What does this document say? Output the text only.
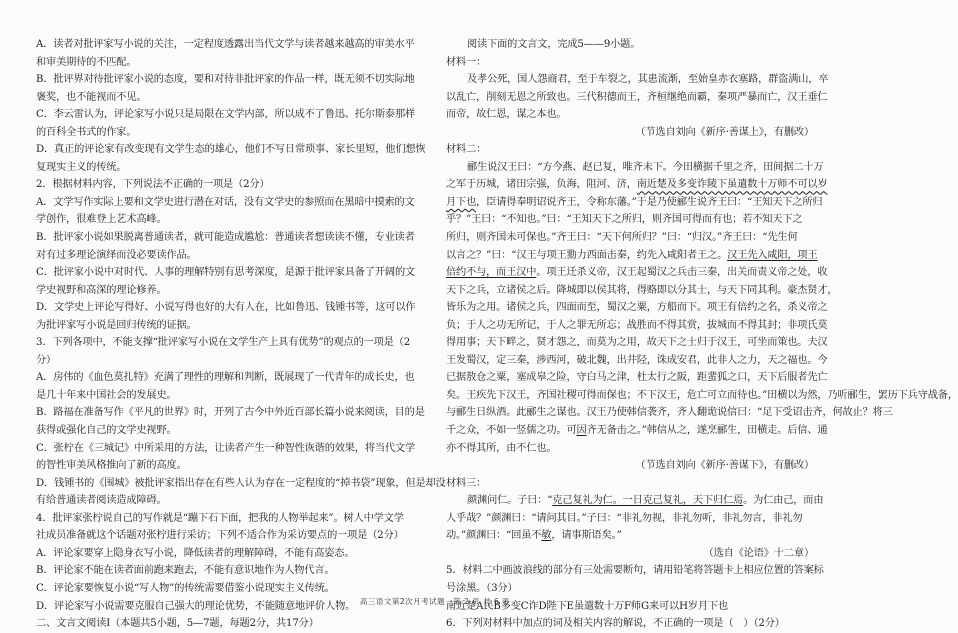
A．读者对批评家写小说的关注，一定程度透露出当代文学与读者越来越高的审美水平

和审美期待的不匹配。

B．批评界对待批评家小说的态度，要和对待非批评家的作品一样，既无须不切实际地

褒奖，也不能视而不见。

C．李云雷认为，评论家写小说只是局限在文学内部，所以成不了鲁迅、托尔斯泰那样

的百科全书式的作家。

D．真正的评论家有改变现有文学生态的雄心，他们不写日常琐事、家长里短，他们想恢

复现实主义的传统。

2．根据材料内容，下列说法不正确的一项是（2分）

A．文学写作实际上要和文学史进行潜在对话，没有文学史的参照而在黑暗中摸索的文

学创作，很难登上艺术高峰。

B．批评家小说如果脱离普通读者，就可能造成尴尬：普通读者想读读不懂，专业读者

对有过多理论演绎而没必要读作品。

C．批评家小说中对时代、人事的理解特别有思考深度，是源于批评家具备了开阔的文

学史视野和高深的理论修养。

D．文学史上评论写得好、小说写得也好的大有人在，比如鲁迅、钱锺书等，这可以作

为批评家写小说是回归传统的证据。

3．下列各项中，不能支撑“批评家写小说在文学生产上具有优势”的观点的一项是（2

分）

A．房伟的《血色莫扎特》充满了理性的理解和判断，既展现了一代青年的成长史，也

是几十年来中国社会的发展史。

B．路福在准备写作《平凡的世界》时，开列了古今中外近百部长篇小说来阅读，目的是

获得或强化自己的文学史视野。

C．张柠在《三城记》中所采用的方法，让读者产生一种智性诙谐的效果，将当代文学

的智性审美风格推向了新的高度。

D．钱锺书的《围城》被批评家指出存在有些人认为存在一定程度的“掉书袋”现象，但是却没

有给普通读者阅读造成障碍。

4．批评家张柠说自己的写作就是“蹦下石下面，把我的人物举起来”。树人中学文学

社成员准备就这个话题对张柠进行采访；下列不适合作为采访要点的一项是（2分）

A．评论家要穿上隐身衣写小说，降低读者的理解障碍，不能有高姿态。

B．评论家不能在读者面前跑来跑去，不能有意识地作为人物代言。

C．评论家要恢复小说“写人物”的传统需要借鉴小说现实主义传统。

D．评论家写小说需要克服自己强大的理论优势，不能随意地评价人物。

二、文言文阅读Ⅰ（本题共5小题，5—7题，每题2分，共17分）

阅读下面的文言文，完成5——9小题。

材料一：

及孝公死，国人怨商君，至于车裂之，其患流渐，至始皇赤衣塞路，群盗满山，卒

以乱亡，削刻无恩之所致也。三代积德而王，齐桓继绝而霸，秦项严暴而亡，汉王垂仁

而帝，故仁恩，谋之本也。

（节选自刘向《新序·善谋上》，有删改）

材料二：

郦生说汉王曰：“方今燕、赵已复，唯齐未下。今田横据千里之齐，田间据二十万

之军于历城，诸田宗强，负海，阻河、济，南近楚及多变诈陵下虽遣数十万师不可以岁

月下也，臣请得奉明诏说齐王，令称东藩。”于是乃使郦生说齐王曰：“王知天下之所归

乎？”王曰：“不知也。”曰：“王知天下之所归，则齐国可得而有也；若不知天下之

所归，则齐国未可保也。”齐王曰：“天下何所归？”曰：“归汉。”齐王曰：“先生何

以言之？”曰：“汉王与项王勠力西面击秦，约先入咸阳者王之。汉王先入咸阳，项王

倍约不与，而王汉中。项王迁杀义帝，汉王起蜀汉之兵击三秦，出关而责义帝之处，收

天下之兵，立诸侯之后。降城即以侯其将，得赂即以分其士，与天下同其利。豪杰贤才，

皆乐为之用。诸侯之兵，四面而至，蜀汉之粟，方船而下。项王有倍约之名，杀义帝之

负；于人之功无所记，于人之罪无所忘；战胜而不得其赏，拔城而不得其封；非项氏莫

得用事；天下畔之，贤才怨之，而莫为之用，故天下之士归于汉王，可坐而策也。夫汉

王发蜀汉，定三秦，涉西河，破北魏，出井陉，诛成安君，此非人之力，天之福也。今

已据敖仓之粟，塞成皋之险，守白马之津，杜太行之阪，距蜚狐之口，天下后服者先亡

矣。王疾先下汉王，齐国社稷可得而保也；不下汉王，危亡可立而待也。”田横以为然，乃听郦生，罢历下兵守战备，

与郦生日纵酒。此郦生之谋也。汉王乃使韩信袭齐，齐人翻诡说信曰：“足下受诏击齐，何故止？将三

千之众，不如一竖儒之功。可因齐无备击之。”韩信从之，遂烹郦生，田横走。后信、通

亦不得其所，由不仁也。

（节选自刘向《新序·善谋下》，有删改）

材料三：

颜渊问仁。子曰：“克己复礼为仁。一日克己复礼，天下归仁焉。为仁由己，而由

人乎哉？”颜渊曰：“请问其目。”子曰：“非礼勿视，非礼勿听，非礼勿言，非礼勿

动。”颜渊曰：“回虽不敏，请事斯语矣。”

（选自《论语》十二章）

5．材料二中画波浪线的部分有三处需要断句，请用铅笔将答题卡上相应位置的答案标

号涂黑。（3分）

南近楚A民B多变C诈D陛下E虽遣数十万F师G来可以H岁月下也

6．下列对材料中加点的词及相关内容的解说，不正确的一项是（　）（2分）

高三语文第2次月考试题　第 2 页 共 6 页
